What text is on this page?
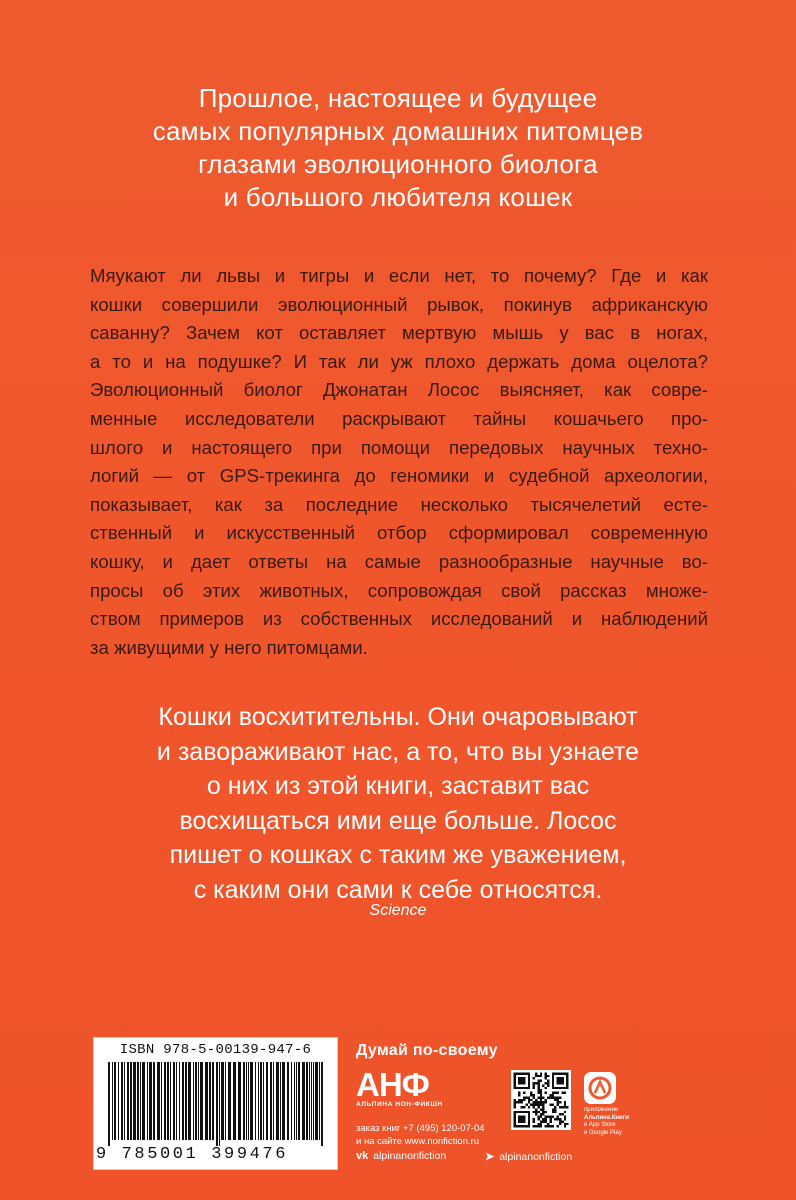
Прошлое, настоящее и будущее
самых популярных домашних питомцев
глазами эволюционного биолога
и большого любителя кошек
Мяукают ли львы и тигры и если нет, то почему? Где и как
кошки совершили эволюционный рывок, покинув африканскую
саванну? Зачем кот оставляет мертвую мышь у вас в ногах,
а то и на подушке? И так ли уж плохо держать дома оцелота?
Эволюционный биолог Джонатан Лосос выясняет, как совре-
менные исследователи раскрывают тайны кошачьего про-
шлого и настоящего при помощи передовых научных техно-
логий — от GPS-трекинга до геномики и судебной археологии,
показывает, как за последние несколько тысячелетий есте-
ственный и искусственный отбор сформировал современную
кошку, и дает ответы на самые разнообразные научные во-
просы об этих животных, сопровождая свой рассказ множе-
ством примеров из собственных исследований и наблюдений
за живущими у него питомцами.
Кошки восхитительны. Они очаровывают
и завораживают нас, а то, что вы узнаете
о них из этой книги, заставит вас
восхищаться ими еще больше. Лосос
пишет о кошках с таким же уважением,
с каким они сами к себе относятся.
Science
ISBN 978-5-00139-947-6
9 785001 399476
Думай по-своему
АНФ
АЛЬПИНА НОН-ФИКШН
заказ книг +7 (495) 120-07-04
и на сайте www.nonfiction.ru
приложение
Альпина.Книги
в App Store
и Google Play
vk alpinanonfiction	➤ alpinanonfiction
